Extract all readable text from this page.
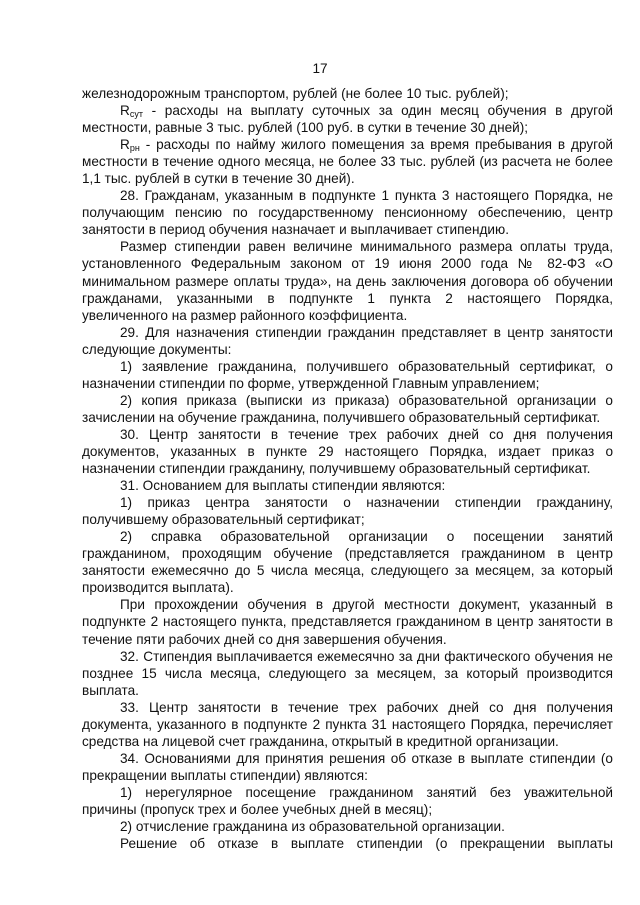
17

железнодорожным транспортом, рублей (не более 10 тыс. рублей);

$R_{сут}$ - расходы на выплату суточных за один месяц обучения в другой местности, равные 3 тыс. рублей (100 руб. в сутки в течение 30 дней);

$R_{рн}$ - расходы по найму жилого помещения за время пребывания в другой местности в течение одного месяца, не более 33 тыс. рублей (из расчета не более 1,1 тыс. рублей в сутки в течение 30 дней).

28. Гражданам, указанным в подпункте 1 пункта 3 настоящего Порядка, не получающим пенсию по государственному пенсионному обеспечению, центр занятости в период обучения назначает и выплачивает стипендию.

Размер стипендии равен величине минимального размера оплаты труда, установленного Федеральным законом от 19 июня 2000 года № 82-ФЗ «О минимальном размере оплаты труда», на день заключения договора об обучении гражданами, указанными в подпункте 1 пункта 2 настоящего Порядка, увеличенного на размер районного коэффициента.

29. Для назначения стипендии гражданин представляет в центр занятости следующие документы:

1) заявление гражданина, получившего образовательный сертификат, о назначении стипендии по форме, утвержденной Главным управлением;

2) копия приказа (выписки из приказа) образовательной организации о зачислении на обучение гражданина, получившего образовательный сертификат.

30. Центр занятости в течение трех рабочих дней со дня получения документов, указанных в пункте 29 настоящего Порядка, издает приказ о назначении стипендии гражданину, получившему образовательный сертификат.

31. Основанием для выплаты стипендии являются:

1) приказ центра занятости о назначении стипендии гражданину, получившему образовательный сертификат;

2) справка образовательной организации о посещении занятий гражданином, проходящим обучение (представляется гражданином в центр занятости ежемесячно до 5 числа месяца, следующего за месяцем, за который производится выплата).

При прохождении обучения в другой местности документ, указанный в подпункте 2 настоящего пункта, представляется гражданином в центр занятости в течение пяти рабочих дней со дня завершения обучения.

32. Стипендия выплачивается ежемесячно за дни фактического обучения не позднее 15 числа месяца, следующего за месяцем, за который производится выплата.

33. Центр занятости в течение трех рабочих дней со дня получения документа, указанного в подпункте 2 пункта 31 настоящего Порядка, перечисляет средства на лицевой счет гражданина, открытый в кредитной организации.

34. Основаниями для принятия решения об отказе в выплате стипендии (о прекращении выплаты стипендии) являются:

1) нерегулярное посещение гражданином занятий без уважительной причины (пропуск трех и более учебных дней в месяц);

2) отчисление гражданина из образовательной организации.

Решение об отказе в выплате стипендии (о прекращении выплаты
